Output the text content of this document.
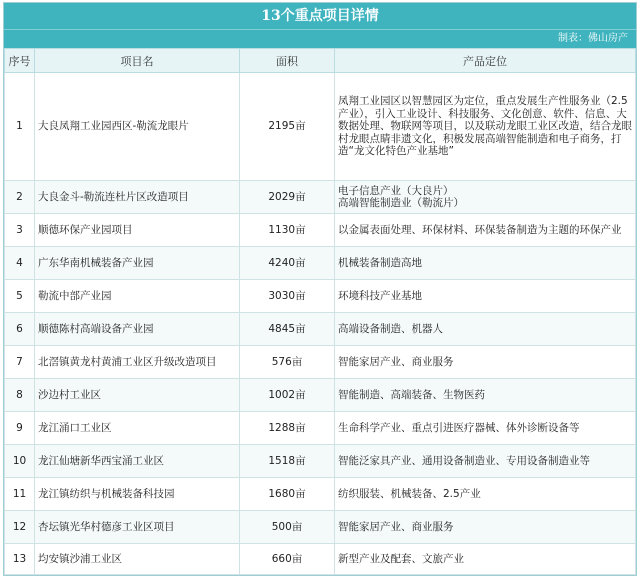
13个重点项目详情
制表：佛山房产
序号	项目名	面积	产品定位
1	大良凤翔工业园西区-勒流龙眼片	2195亩	凤翔工业园区以智慧园区为定位，重点发展生产性服务业（2.5产业），引入工业设计、科技服务、文化创意、软件、信息、大数据处理、物联网等项目，以及联动龙眼工业区改造，结合龙眼村龙眼点睛非遗文化，积极发展高端智能制造和电子商务，打造“龙文化特色产业基地”
2	大良金斗-勒流连杜片区改造项目	2029亩	电子信息产业（大良片）
高端智能制造业（勒流片）
3	顺德环保产业园项目	1130亩	以金属表面处理、环保材料、环保装备制造为主题的环保产业
4	广东华南机械装备产业园	4240亩	机械装备制造高地
5	勒流中部产业园	3030亩	环境科技产业基地
6	顺德陈村高端设备产业园	4845亩	高端设备制造、机器人
7	北滘镇黄龙村黄浦工业区升级改造项目	576亩	智能家居产业、商业服务
8	沙边村工业区	1002亩	智能制造、高端装备、生物医药
9	龙江涌口工业区	1288亩	生命科学产业、重点引进医疗器械、体外诊断设备等
10	龙江仙塘新华西宝涌工业区	1518亩	智能泛家具产业、通用设备制造业、专用设备制造业等
11	龙江镇纺织与机械装备科技园	1680亩	纺织服装、机械装备、2.5产业
12	杏坛镇光华村德彦工业区项目	500亩	智能家居产业、商业服务
13	均安镇沙浦工业区	660亩	新型产业及配套、文旅产业
